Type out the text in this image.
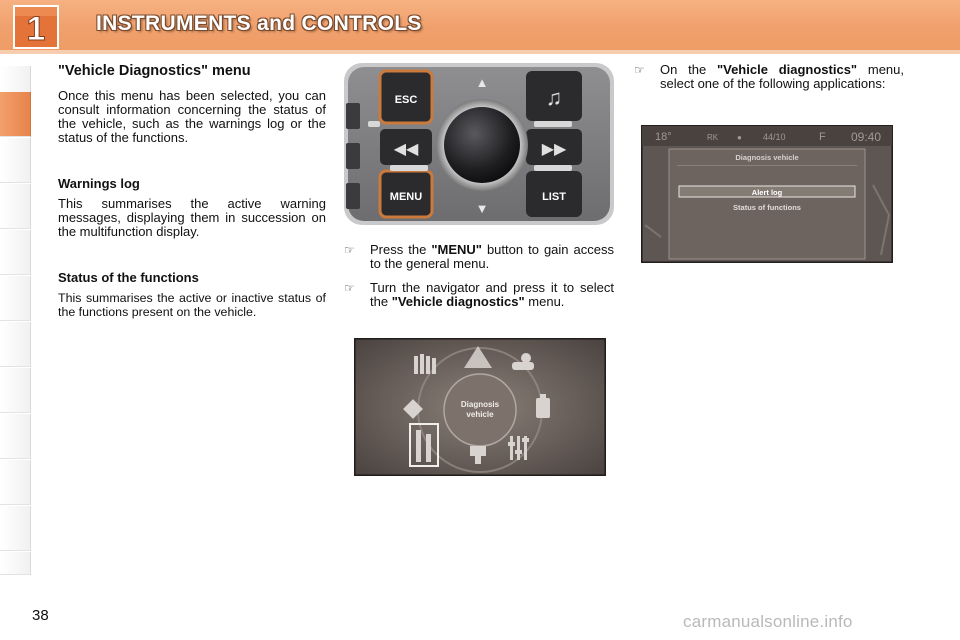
1 INSTRUMENTS and CONTROLS
"Vehicle Diagnostics" menu

Once this menu has been selected, you can consult information concerning the status of the vehicle, such as the warnings log or the status of the functions.

Warnings log

This summarises the active warning messages, displaying them in succession on the multifunction display.

Status of the functions

This summarises the active or inactive status of the functions present on the vehicle.

ESC
MENU
♫
LIST
◀◀	▶▶
▲
▼
☞ Press the "MENU" button to gain access to the general menu.
☞ Turn the navigator and press it to select the "Vehicle diagnostics" menu.
Diagnosis
vehicle
☞ On the "Vehicle diagnostics" menu, select one of the following applications:
18°	RK ● 44/10	F 09:40
Diagnosis vehicle
Alert log
Status of functions
38	carmanualsonline.info
